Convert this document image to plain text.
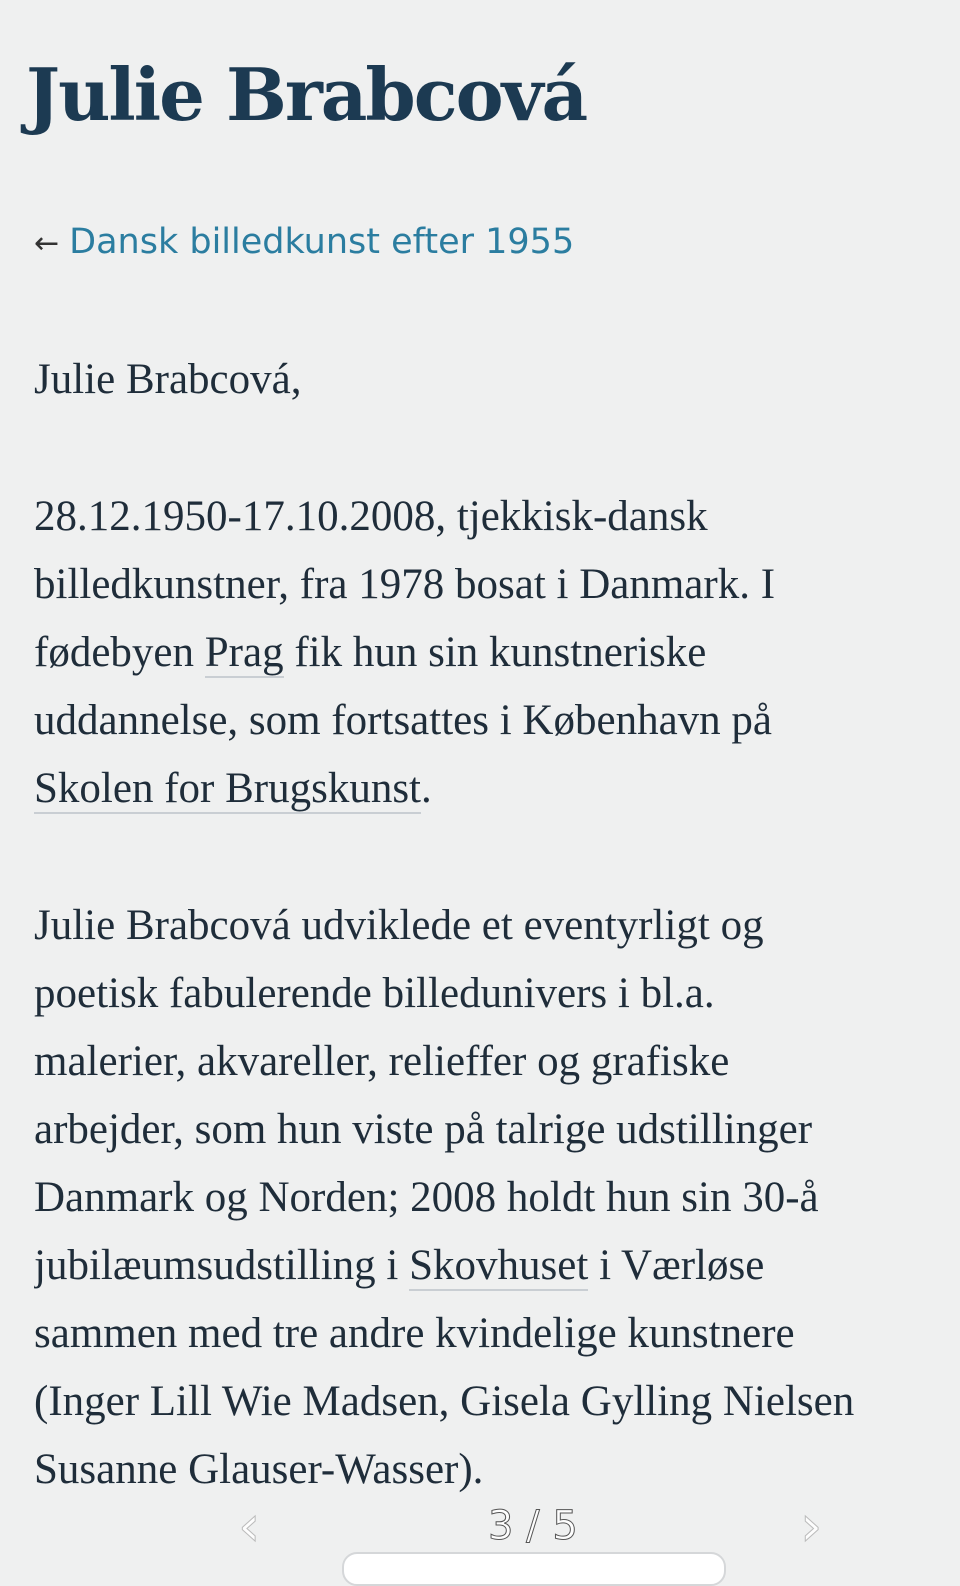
Julie Brabcová
← Dansk billedkunst efter 1955
Julie Brabcová,
28.12.1950-17.10.2008, tjekkisk-dansk
billedkunstner, fra 1978 bosat i Danmark. I
fødebyen Prag fik hun sin kunstneriske
uddannelse, som fortsattes i København på
Skolen for Brugskunst.
Julie Brabcová udviklede et eventyrligt og
poetisk fabulerende billedunivers i bl.a.
malerier, akvareller, relieffer og grafiske
arbejder, som hun viste på talrige udstillinger
Danmark og Norden; 2008 holdt hun sin 30-å
jubilæumsudstilling i Skovhuset i Værløse
sammen med tre andre kvindelige kunstnere
(Inger Lill Wie Madsen, Gisela Gylling Nielsen
Susanne Glauser-Wasser).
‹	3 / 5	›
